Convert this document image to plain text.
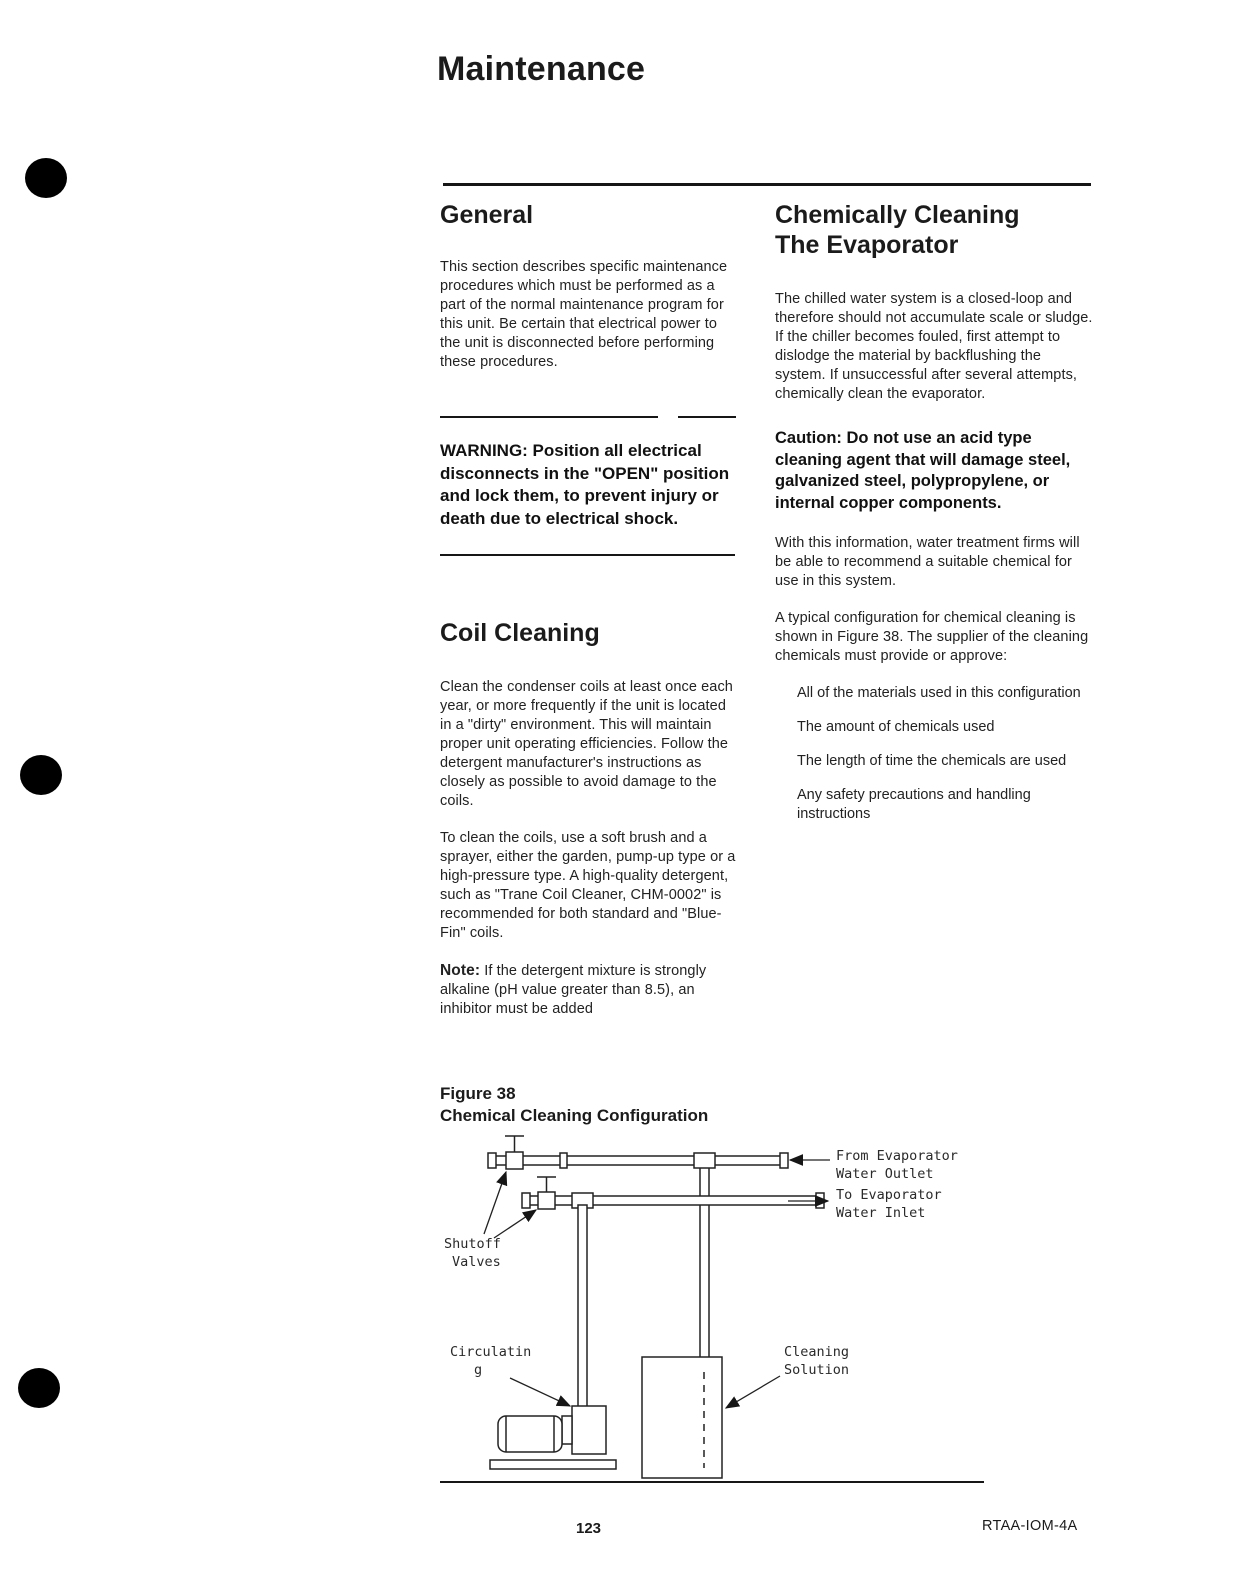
Maintenance
General

This section describes specific maintenance procedures which must be performed as a part of the normal maintenance program for this unit. Be certain that electrical power to the unit is disconnected before performing these procedures.

WARNING: Position all electrical disconnects in the "OPEN" position and lock them, to prevent injury or death due to electrical shock.

Coil Cleaning

Clean the condenser coils at least once each year, or more frequently if the unit is located in a "dirty" environment. This will maintain proper unit operating efficiencies. Follow the detergent manufacturer's instructions as closely as possible to avoid damage to the coils.

To clean the coils, use a soft brush and a sprayer, either the garden, pump-up type or a high-pressure type. A high-quality detergent, such as "Trane Coil Cleaner, CHM-0002" is recommended for both standard and "Blue-Fin" coils.

Note: If the detergent mixture is strongly alkaline (pH value greater than 8.5), an inhibitor must be added

Chemically Cleaning
The Evaporator

The chilled water system is a closed-loop and therefore should not accumulate scale or sludge. If the chiller becomes fouled, first attempt to dislodge the material by backflushing the system. If unsuccessful after several attempts, chemically clean the evaporator.

Caution: Do not use an acid type cleaning agent that will damage steel, galvanized steel, polypropylene, or internal copper components.

With this information, water treatment firms will be able to recommend a suitable chemical for use in this system.

A typical configuration for chemical cleaning is shown in Figure 38. The supplier of the cleaning chemicals must provide or approve:

All of the materials used in this configuration
The amount of chemicals used
The length of time the chemicals are used
Any safety precautions and handling instructions

Figure 38
Chemical Cleaning Configuration

From Evaporator
Water Outlet
To Evaporator
Water Inlet
Shutoff
Valves
Circulatin
g
Cleaning
Solution
123	RTAA-IOM-4A
